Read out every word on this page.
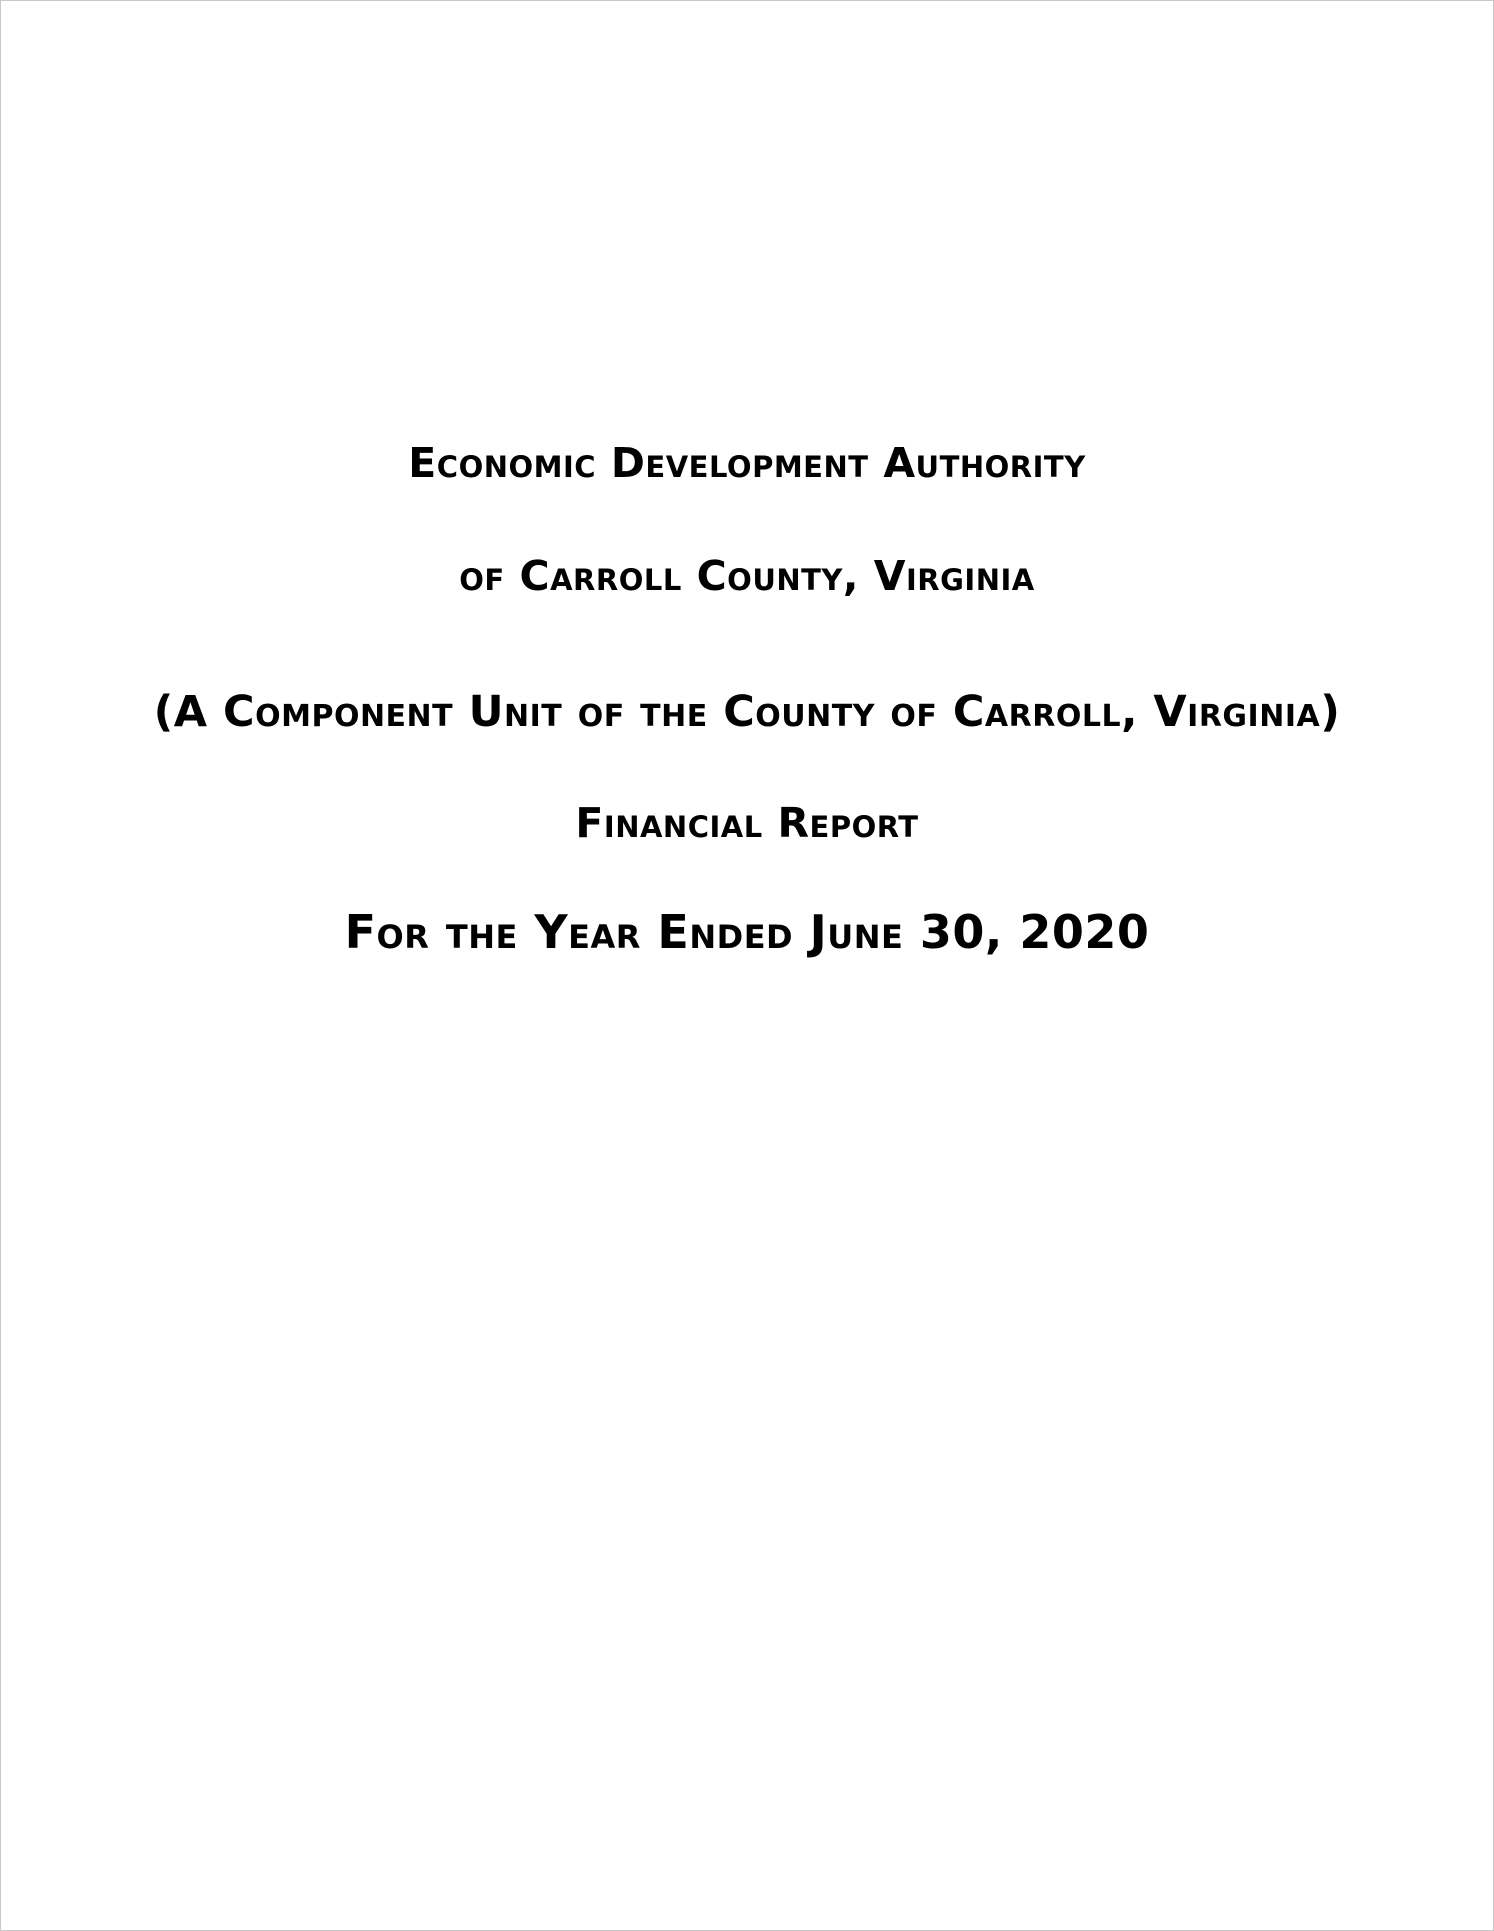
Economic Development Authority
of Carroll County, Virginia
(A Component Unit of the County of Carroll, Virginia)
Financial Report
For the Year Ended June 30, 2020
